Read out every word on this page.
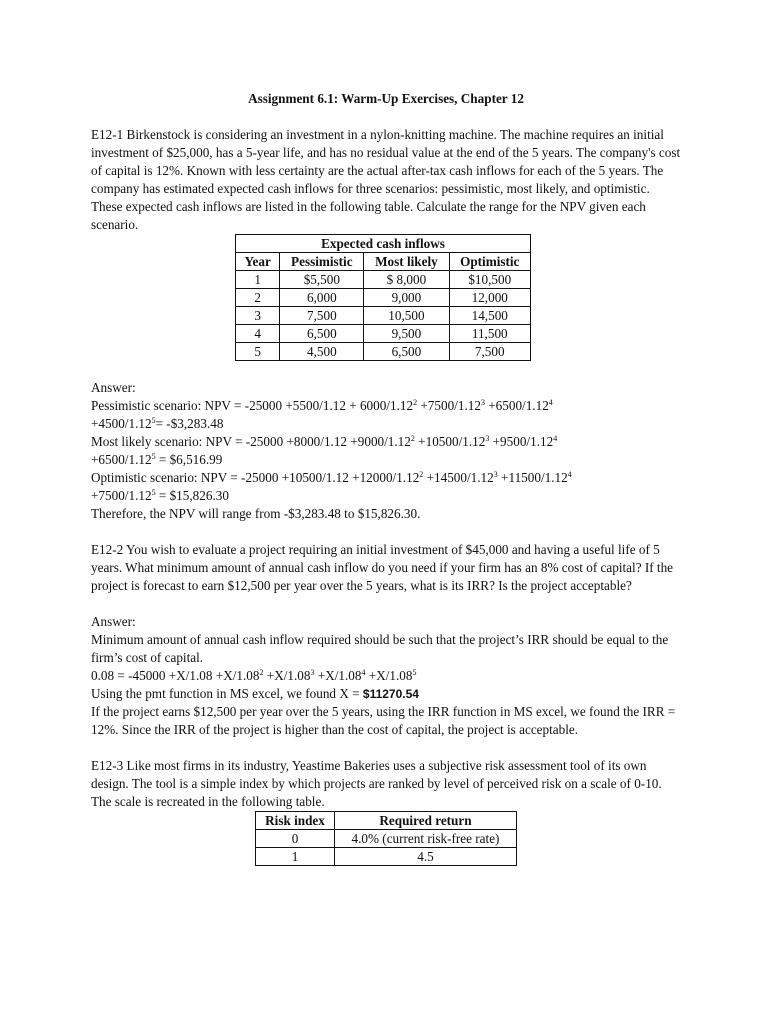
Assignment 6.1: Warm-Up Exercises, Chapter 12

E12-1 Birkenstock is considering an investment in a nylon-knitting machine. The machine requires an initial investment of $25,000, has a 5-year life, and has no residual value at the end of the 5 years. The company's cost of capital is 12%. Known with less certainty are the actual after-tax cash inflows for each of the 5 years. The company has estimated expected cash inflows for three scenarios: pessimistic, most likely, and optimistic. These expected cash inflows are listed in the following table. Calculate the range for the NPV given each scenario.

Expected cash inflows			
Year	Pessimistic	Most likely	Optimistic
1	$5,500	$ 8,000	$10,500
2	6,000	9,000	12,000
3	7,500	10,500	14,500
4	6,500	9,500	11,500
5	4,500	6,500	7,500

Answer:

Pessimistic scenario: NPV = $-25000 +5500/1.12 + 6000/1.12^2 +7500/1.12^3 +6500/1.12^4$
$+4500/1.12^5=$ -$3,283.48

Most likely scenario: NPV = $-25000 +8000/1.12 +9000/1.12^2 +10500/1.12^3 +9500/1.12^4$
$+6500/1.12^5$ = $6,516.99

Optimistic scenario: NPV = $-25000 +10500/1.12 +12000/1.12^2 +14500/1.12^3 +11500/1.12^4$
$+7500/1.12^5$ = $15,826.30

Therefore, the NPV will range from -$3,283.48 to $15,826.30.

E12-2 You wish to evaluate a project requiring an initial investment of $45,000 and having a useful life of 5 years. What minimum amount of annual cash inflow do you need if your firm has an 8% cost of capital? If the project is forecast to earn $12,500 per year over the 5 years, what is its IRR? Is the project acceptable?

Answer:

Minimum amount of annual cash inflow required should be such that the project’s IRR should be equal to the firm’s cost of capital.

$0.08 = -45000 +X/1.08 +X/1.08^2 +X/1.08^3 +X/1.08^4 +X/1.08^5$

Using the pmt function in MS excel, we found X = $11270.54

If the project earns $12,500 per year over the 5 years, using the IRR function in MS excel, we found the IRR = 12%. Since the IRR of the project is higher than the cost of capital, the project is acceptable.

E12-3 Like most firms in its industry, Yeastime Bakeries uses a subjective risk assessment tool of its own design. The tool is a simple index by which projects are ranked by level of perceived risk on a scale of 0-10. The scale is recreated in the following table.

Risk index	Required return
0	4.0% (current risk-free rate)
1	4.5
